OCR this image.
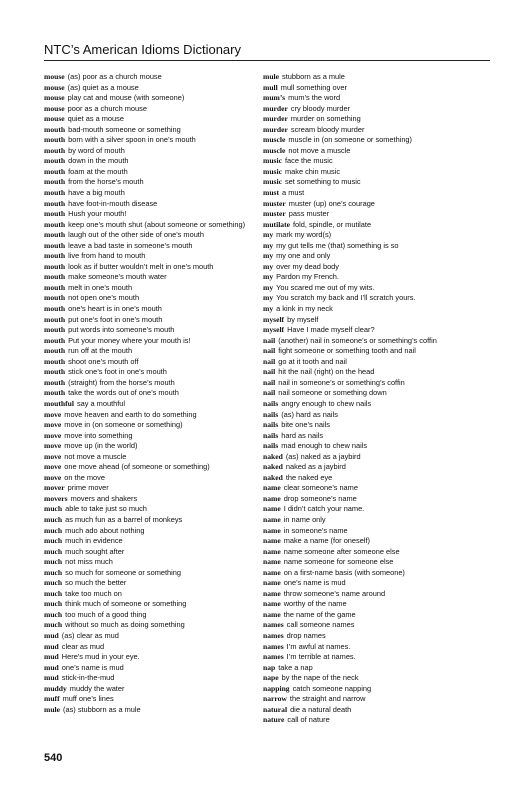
NTC’s American Idioms Dictionary
mouse (as) poor as a church mouse
mouse (as) quiet as a mouse
mouse play cat and mouse (with someone)
mouse poor as a church mouse
mouse quiet as a mouse
mouth bad-mouth someone or something
mouth born with a silver spoon in one’s mouth
mouth by word of mouth
mouth down in the mouth
mouth foam at the mouth
mouth from the horse’s mouth
mouth have a big mouth
mouth have foot-in-mouth disease
mouth Hush your mouth!
mouth keep one’s mouth shut (about someone or something)
mouth laugh out of the other side of one’s mouth
mouth leave a bad taste in someone’s mouth
mouth live from hand to mouth
mouth look as if butter wouldn’t melt in one’s mouth
mouth make someone’s mouth water
mouth melt in one’s mouth
mouth not open one’s mouth
mouth one’s heart is in one’s mouth
mouth put one’s foot in one’s mouth
mouth put words into someone’s mouth
mouth Put your money where your mouth is!
mouth run off at the mouth
mouth shoot one’s mouth off
mouth stick one’s foot in one’s mouth
mouth (straight) from the horse’s mouth
mouth take the words out of one’s mouth
mouthful say a mouthful
move move heaven and earth to do something
move move in (on someone or something)
move move into something
move move up (in the world)
move not move a muscle
move one move ahead (of someone or something)
move on the move
mover prime mover
movers movers and shakers
much able to take just so much
much as much fun as a barrel of monkeys
much much ado about nothing
much much in evidence
much much sought after
much not miss much
much so much for someone or something
much so much the better
much take too much on
much think much of someone or something
much too much of a good thing
much without so much as doing something
mud (as) clear as mud
mud clear as mud
mud Here’s mud in your eye.
mud one’s name is mud
mud stick-in-the-mud
muddy muddy the water
muff muff one’s lines
mule (as) stubborn as a mule
mule stubborn as a mule
mull mull something over
mum’s mum’s the word
murder cry bloody murder
murder murder on something
murder scream bloody murder
muscle muscle in (on someone or something)
muscle not move a muscle
music face the music
music make chin music
music set something to music
must a must
muster muster (up) one’s courage
muster pass muster
mutilate fold, spindle, or mutilate
my mark my word(s)
my my gut tells me (that) something is so
my my one and only
my over my dead body
my Pardon my French.
my You scared me out of my wits.
my You scratch my back and I’ll scratch yours.
my a kink in my neck
myself by myself
myself Have I made myself clear?
nail (another) nail in someone’s or something’s coffin
nail fight someone or something tooth and nail
nail go at it tooth and nail
nail hit the nail (right) on the head
nail nail in someone’s or something’s coffin
nail nail someone or something down
nails angry enough to chew nails
nails (as) hard as nails
nails bite one’s nails
nails hard as nails
nails mad enough to chew nails
naked (as) naked as a jaybird
naked naked as a jaybird
naked the naked eye
name clear someone’s name
name drop someone’s name
name I didn’t catch your name.
name in name only
name in someone’s name
name make a name (for oneself)
name name someone after someone else
name name someone for someone else
name on a first-name basis (with someone)
name one’s name is mud
name throw someone’s name around
name worthy of the name
name the name of the game
names call someone names
names drop names
names I’m awful at names.
names I’m terrible at names.
nap take a nap
nape by the nape of the neck
napping catch someone napping
narrow the straight and narrow
natural die a natural death
nature call of nature
540
